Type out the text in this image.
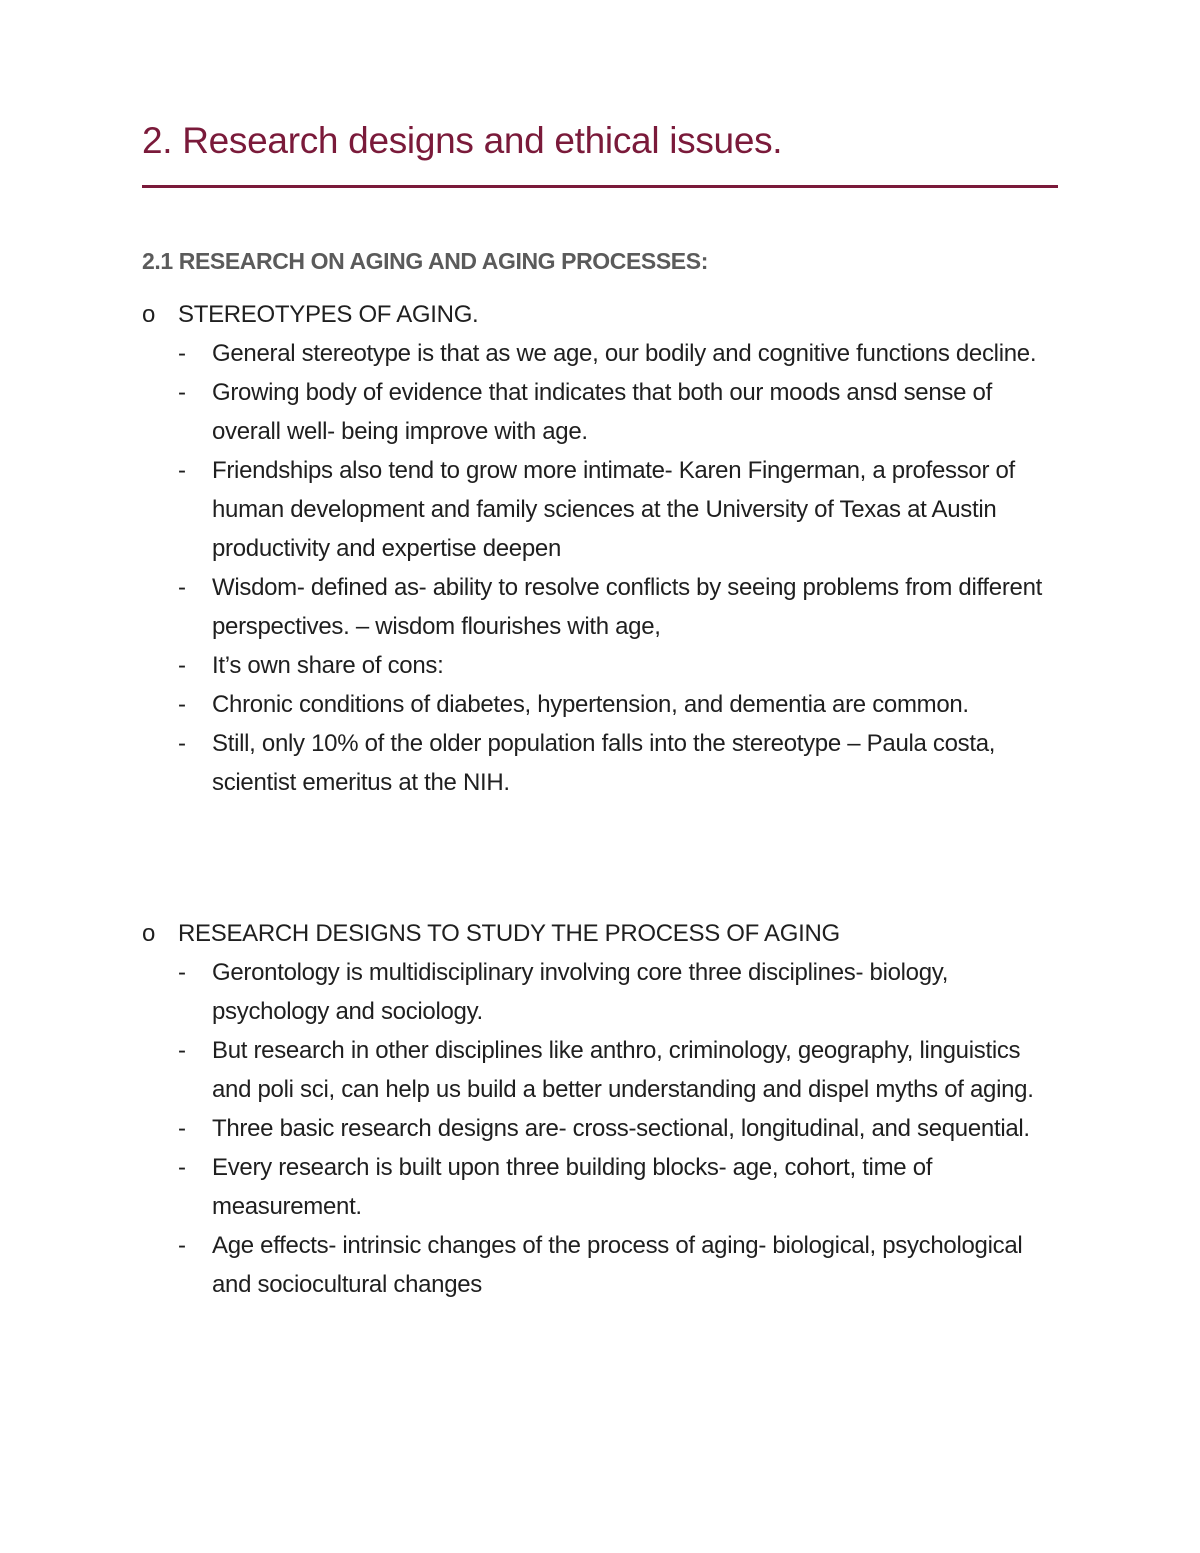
2. Research designs and ethical issues.
2.1 RESEARCH ON AGING AND AGING PROCESSES:
o STEREOTYPES OF AGING.
- General stereotype is that as we age, our bodily and cognitive functions decline.
- Growing body of evidence that indicates that both our moods ansd sense of overall well- being improve with age.
- Friendships also tend to grow more intimate- Karen Fingerman, a professor of human development and family sciences at the University of Texas at Austin productivity and expertise deepen
- Wisdom- defined as- ability to resolve conflicts by seeing problems from different perspectives. – wisdom flourishes with age,
- It’s own share of cons:
- Chronic conditions of diabetes, hypertension, and dementia are common.
- Still, only 10% of the older population falls into the stereotype – Paula costa, scientist emeritus at the NIH.
o RESEARCH DESIGNS TO STUDY THE PROCESS OF AGING
- Gerontology is multidisciplinary involving core three disciplines- biology, psychology and sociology.
- But research in other disciplines like anthro, criminology, geography, linguistics and poli sci, can help us build a better understanding and dispel myths of aging.
- Three basic research designs are- cross-sectional, longitudinal, and sequential.
- Every research is built upon three building blocks- age, cohort, time of measurement.
- Age effects- intrinsic changes of the process of aging- biological, psychological and sociocultural changes
